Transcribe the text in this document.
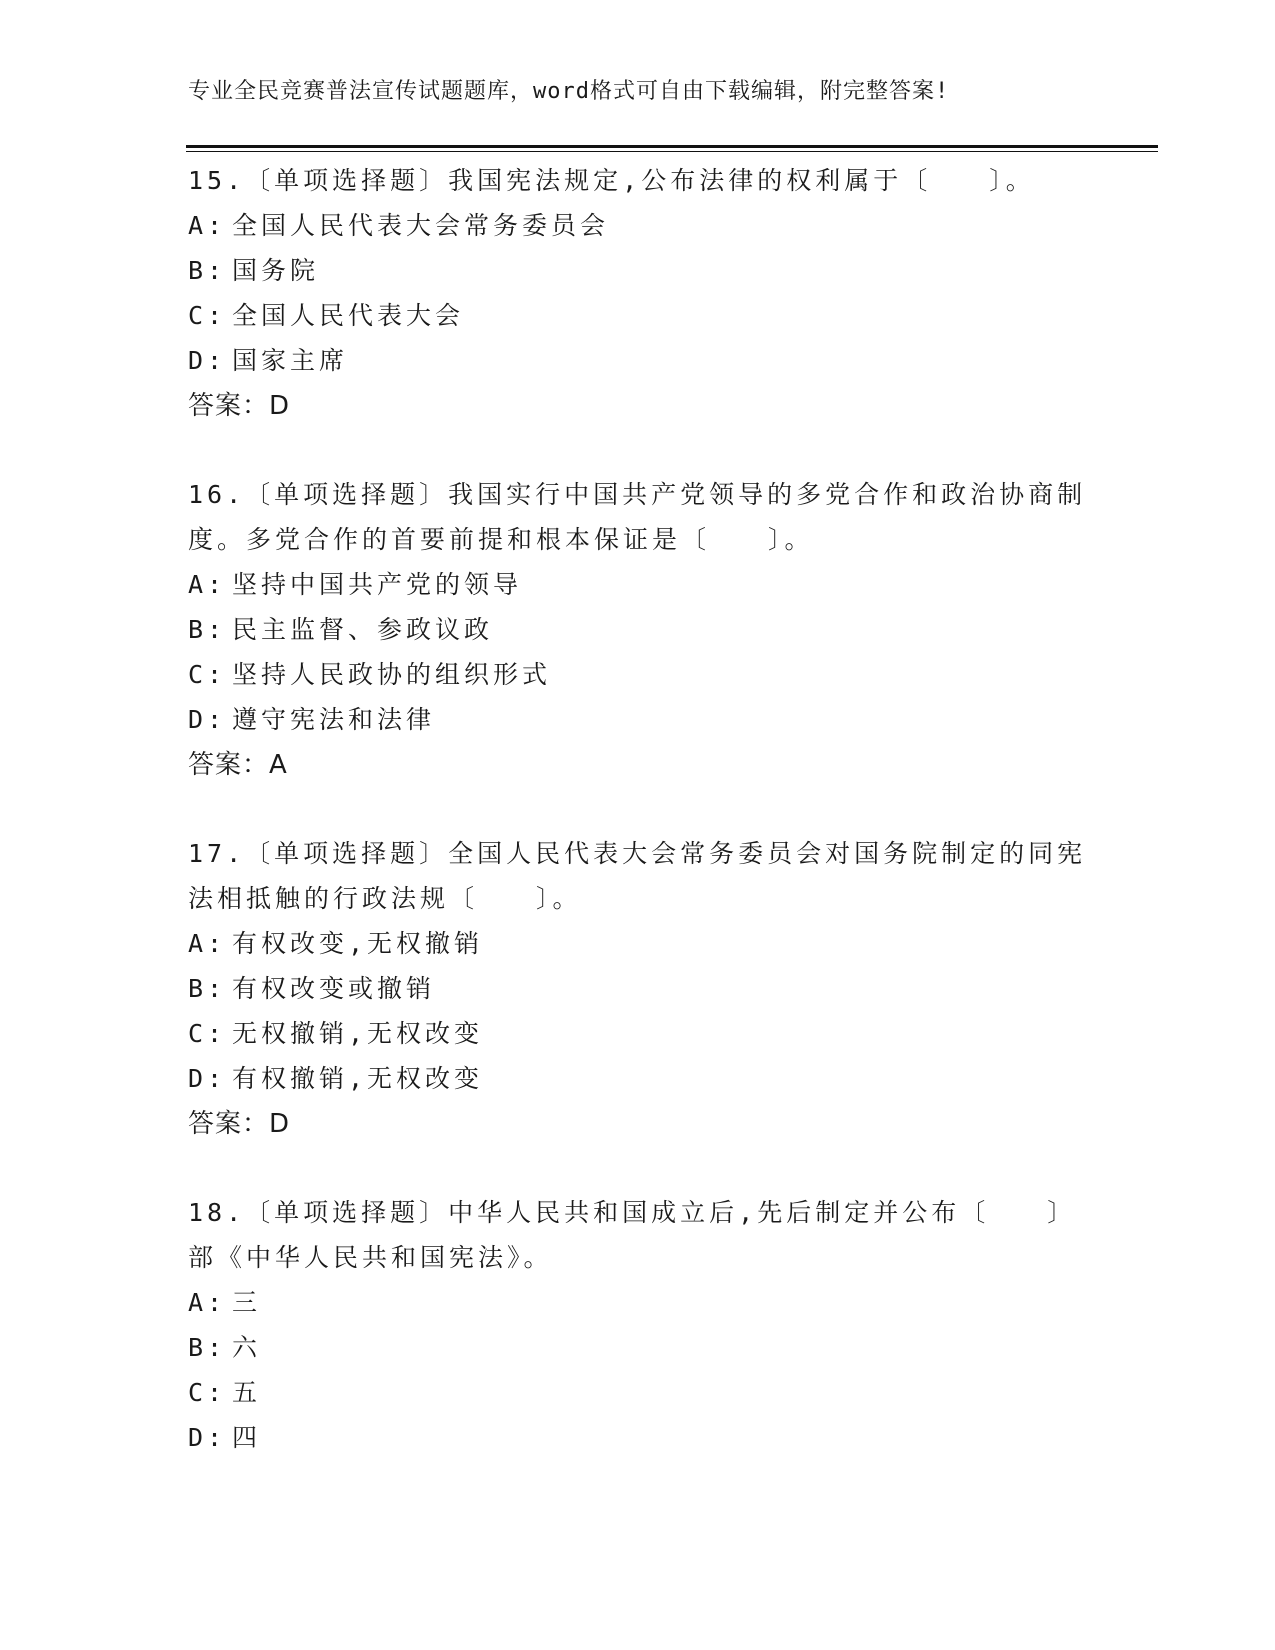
专业全民竞赛普法宣传试题题库，word格式可自由下载编辑，附完整答案!

15.〔单项选择题〕我国宪法规定,公布法律的权利属于〔　　〕。

A: 全国人民代表大会常务委员会

B: 国务院

C: 全国人民代表大会

D: 国家主席

答案：D

16.〔单项选择题〕我国实行中国共产党领导的多党合作和政治协商制度。多党合作的首要前提和根本保证是〔　　〕。

A: 坚持中国共产党的领导

B: 民主监督、参政议政

C: 坚持人民政协的组织形式

D: 遵守宪法和法律

答案：A

17.〔单项选择题〕全国人民代表大会常务委员会对国务院制定的同宪法相抵触的行政法规〔　　〕。

A: 有权改变,无权撤销

B: 有权改变或撤销

C: 无权撤销,无权改变

D: 有权撤销,无权改变

答案：D

18.〔单项选择题〕中华人民共和国成立后,先后制定并公布〔　　〕部《中华人民共和国宪法》。

A: 三

B: 六

C: 五

D: 四
